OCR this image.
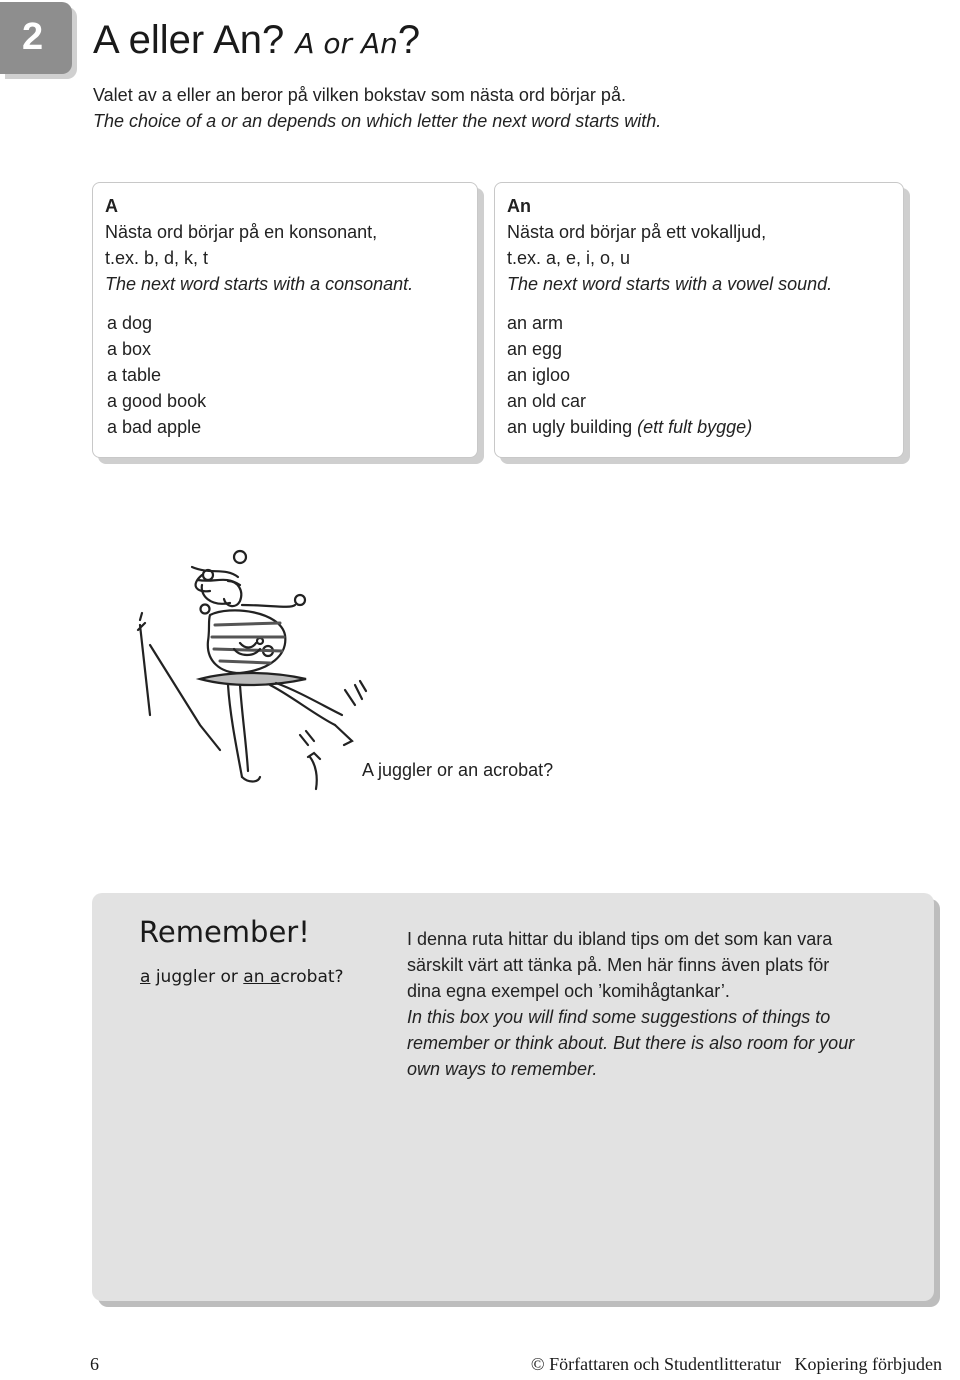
2 A eller An? A or An?

Valet av a eller an beror på vilken bokstav som nästa ord börjar på.

The choice of a or an depends on which letter the next word starts with.

A

Nästa ord börjar på en konsonant,

t.ex. b, d, k, t

The next word starts with a consonant.

a dog
a box
a table
a good book
a bad apple

An

Nästa ord börjar på ett vokalljud,

t.ex. a, e, i, o, u

The next word starts with a vowel sound.

an arm
an egg
an igloo
an old car
an ugly building (ett fult bygge)
A juggler or an acrobat?
Remember!
a juggler or an acrobat?

I denna ruta hittar du ibland tips om det som kan vara

särskilt värt att tänka på. Men här finns även plats för

dina egna exempel och ’komihågtankar’.

In this box you will find some suggestions of things to

remember or think about. But there is also room for your

own ways to remember.

6	© Författaren och Studentlitteratur   Kopiering förbjuden
